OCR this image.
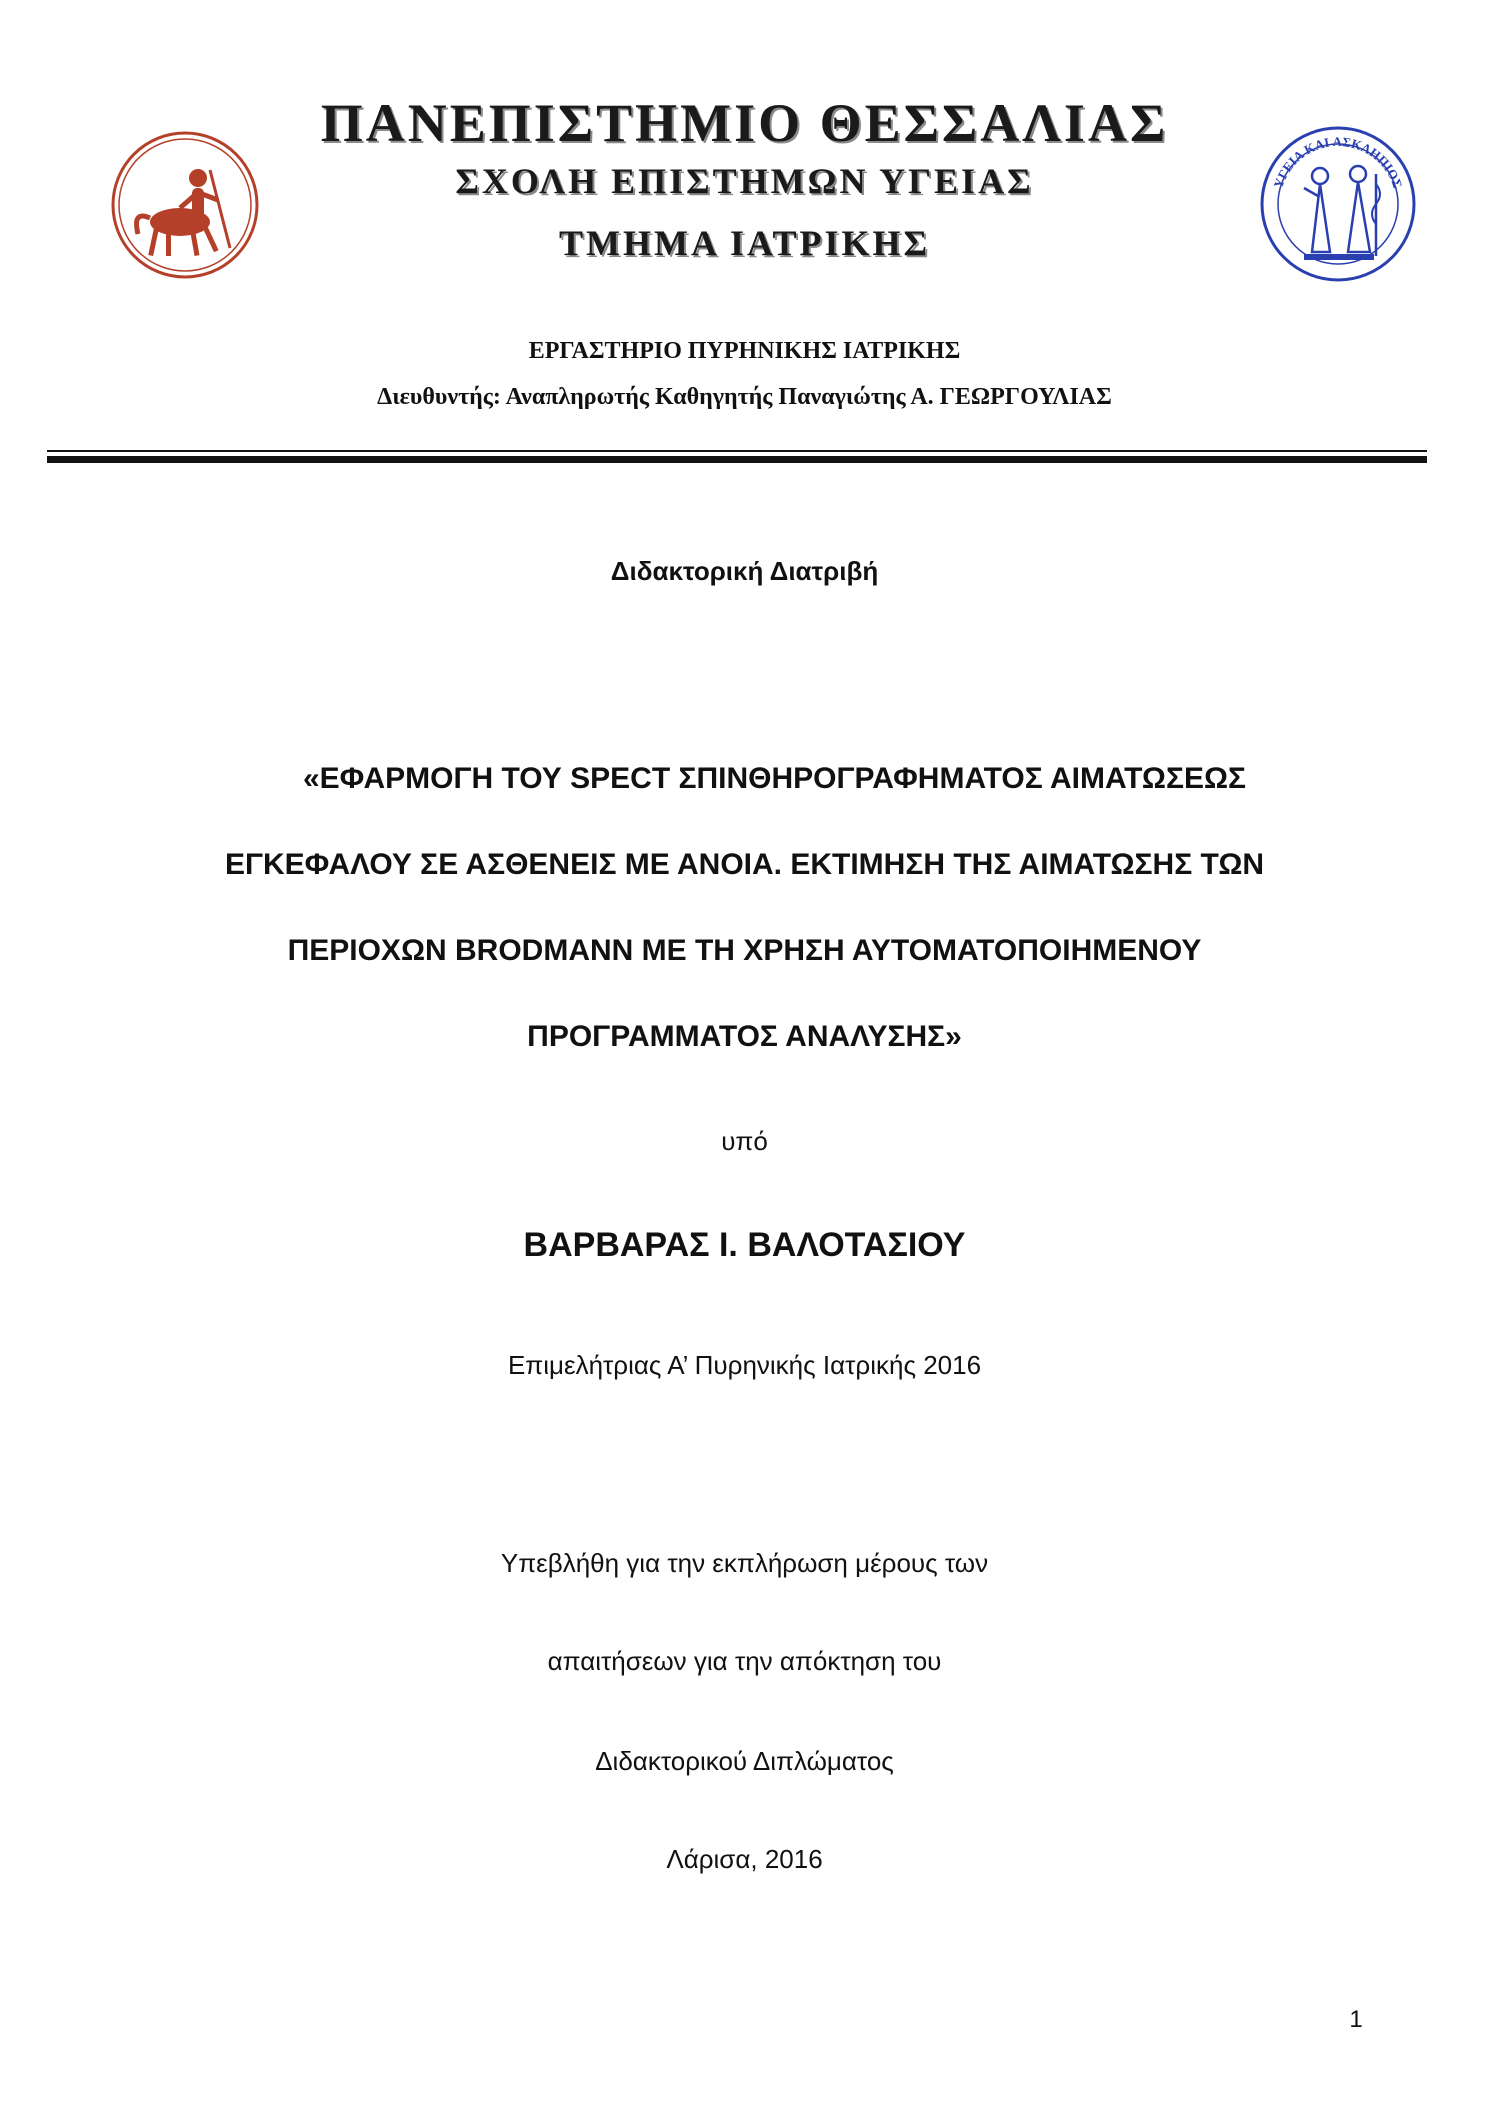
ΥΓΕΙΑ ΚΑΙ ΑΣΚΛΗΠΙΟΣ
ΠΑΝΕΠΙΣΤΗΜΙΟ ΘΕΣΣΑΛΙΑΣ
ΣΧΟΛΗ ΕΠΙΣΤΗΜΩΝ ΥΓΕΙΑΣ
ΤΜΗΜΑ ΙΑΤΡΙΚΗΣ
ΕΡΓΑΣΤΗΡΙΟ ΠΥΡΗΝΙΚΗΣ ΙΑΤΡΙΚΗΣ
Διευθυντής: Αναπληρωτής Καθηγητής Παναγιώτης Α. ΓΕΩΡΓΟΥΛΙΑΣ
Διδακτορική Διατριβή
«ΕΦΑΡΜΟΓΗ ΤΟΥ SPECT ΣΠΙΝΘΗΡΟΓΡΑΦΗΜΑΤΟΣ ΑΙΜΑΤΩΣΕΩΣ
ΕΓΚΕΦΑΛΟΥ ΣΕ ΑΣΘΕΝΕΙΣ ΜΕ ΑΝΟΙΑ. ΕΚΤΙΜΗΣΗ ΤΗΣ ΑΙΜΑΤΩΣΗΣ ΤΩΝ
ΠΕΡΙΟΧΩΝ BRODMANN ΜΕ ΤΗ ΧΡΗΣΗ ΑΥΤΟΜΑΤΟΠΟΙΗΜΕΝΟΥ
ΠΡΟΓΡΑΜΜΑΤΟΣ ΑΝΑΛΥΣΗΣ»
υπό
ΒΑΡΒΑΡΑΣ Ι. ΒΑΛΟΤΑΣΙΟΥ
Επιμελήτριας Α’ Πυρηνικής Ιατρικής 2016
Υπεβλήθη για την εκπλήρωση μέρους των
απαιτήσεων για την απόκτηση του
Διδακτορικού Διπλώματος
Λάρισα, 2016
1
